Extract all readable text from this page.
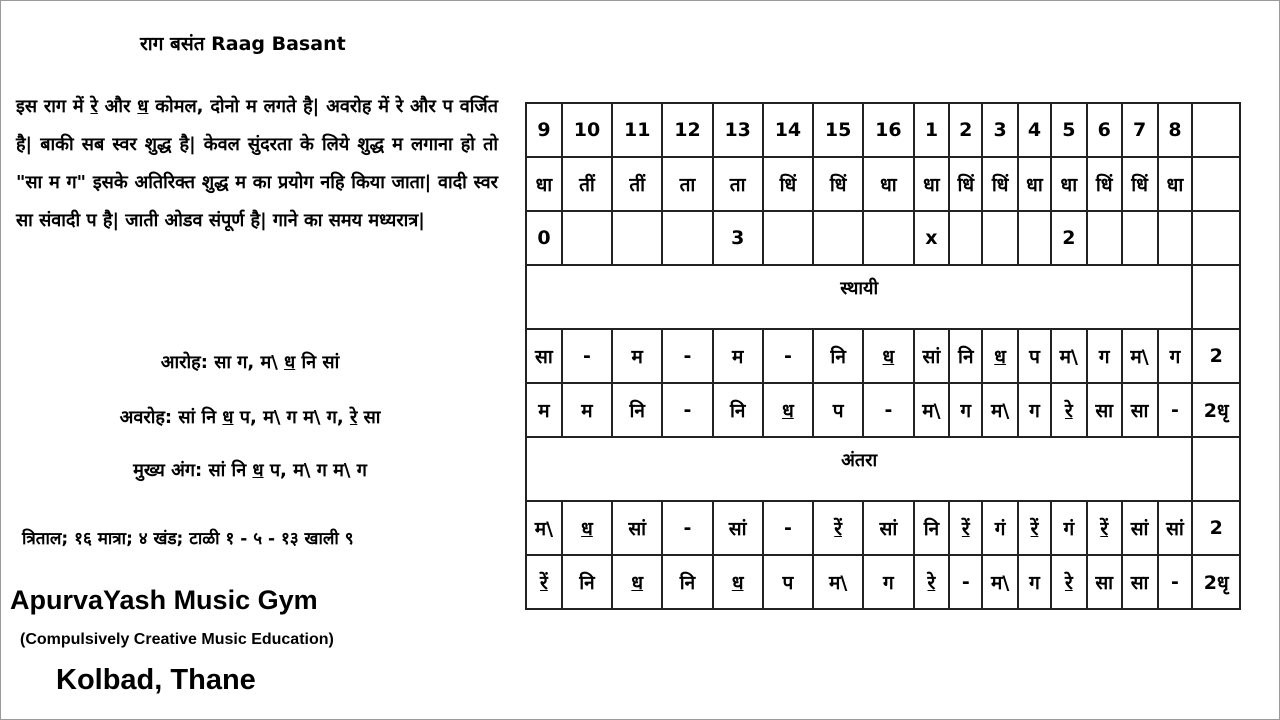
राग बसंत Raag Basant
इस राग में रे और ध कोमल, दोनो म लगते है| अवरोह में रे और प वर्जित है| बाकी सब स्वर शुद्ध है| केवल सुंदरता के लिये शुद्ध म लगाना हो तो "सा म ग" इसके अतिरिक्त शुद्ध म का प्रयोग नहि किया जाता| वादी स्वर सा संवादी प है| जाती ओडव संपूर्ण है| गाने का समय मध्यरात्र|
आरोह: सा ग, म\ ध नि सां
अवरोह: सां नि ध प, म\ ग म\ ग, रे सा
मुख्य अंग: सां नि ध प, म\ ग म\ ग
त्रिताल; १६ मात्रा; ४ खंड; टाळी १ - ५ - १३ खाली ९
ApurvaYash Music Gym
(Compulsively Creative Music Education)
Kolbad, Thane
9	10	11	12	13	14	15	16	1	2	3	4	5	6	7	8	
धा	तीं	तीं	ता	ता	धिं	धिं	धा	धा	धिं	धिं	धा	धा	धिं	धिं	धा	
0				3				x				2				
स्थायी																
सा	-	म	-	म	-	नि	ध	सां	नि	ध	प	म\	ग	म\	ग	2
म	म	नि	-	नि	ध	प	-	म\	ग	म\	ग	रे	सा	सा	-	2धृ
अंतरा																
म\	ध	सां	-	सां	-	रें	सां	नि	रें	गं	रें	गं	रें	सां	सां	2
रें	नि	ध	नि	ध	प	म\	ग	रे	-	म\	ग	रे	सा	सा	-	2धृ
